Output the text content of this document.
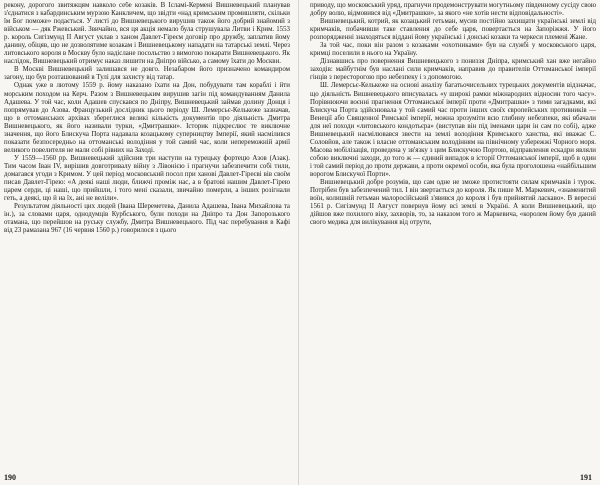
рекону, дорогого звитяжцям навколо себе козаків. В Ісламі-Кермені Вишневецький планував з'єднатися з кабардинським мурзою Канкличем, що звідти «над кримським промишляти, скільки їм Бог поможе» подається. У листі до Вишневецького вирушив також його добрий знайомий з військом — дяк Ржевський. Звичайно, вся ця акція немало була струшувала Литви і Крим. 1553 р. король Сигізмунд II Август уклав з ханом Давлет-Гіреєм договір про дружбу, заплатив йому данину, обіцяв, що не дозволятиме козакам і Вишневецькому нападати на татарські землі. Через литовського короля в Москву було надіслане посольство з вимогою покарати Вишневецького. Як наслідок, Вишневецький отримує наказ лишити на Дніпро військо, а самому їхати до Москви.

В Москві Вишневецький залишався не довго. Незабаром його призначено командиром загону, що був розташований в Тулі для захисту від татар.

Однак уже в лютому 1559 р. йому наказано їхати на Дон, побудувати там кораблі і йти морським походом на Керч. Разом з Вишневецьким вирушив загін під командуванням Данила Адашева. У той час, коли Адашев спускався по Дніпру, Вишневецький займав долину Донця і попрямував до Азова. Французький дослідник цього періоду Ш. Лемерсьє-Келькеже зазначав, що в оттоманських архівах збереглися великі кількість документів про діяльність Дмитра Вишневецького, як його називали турки, «Дмитрашки». Історик підкреслює те виключне значення, що його Блискуча Порта надавала козацькому суперництву Імперії, який насмілився показати безпосередньо на оттоманські володіння у той самий час, коли непереможній армії великого повелителя не мали собі рівних на Заході.

У 1559—1560 рр. Вишневецький здійснив три наступи на турецьку фортецю Азов (Азак). Тим часом Іван IV, вирішив довготривалу війну з Лівонією і прагнучи забезпечити собі тили, домагався угоди з Кримом. У цей період московський посол при ханові Давлет-Гіреєві вів своїм писав Давлет-Гірею: «А деякі наші люди, ближчі проміж нас, а в братові нашим Давлет-Гірею царем серди, ці наші, що прийшли, і того мені сказали, звичайно померли, а інших розігнали геть, а деякі, що й на їх, ані не веліли».

Результатом діяльності цих людей (Івана Шереметева, Данила Адашева, Івана Михайлова та ін.), за словами царя, однодумців Курбського, були походи на Дніпро та Дон Запорозького отамана, що перейшов на руську службу, Дмитра Вишневецького. Під час перебування в Кафі від 23 рамазана 967 (16 червня 1560 р.) говорилося з цього

приводу, що московський уряд, прагнучи продемонструвати могутньому південному сусіду свою добру волю, відмовився від «Дмитрашки», за якого «не хотів нести відповідальності».

Вишневецький, котрий, як козацький гетьман, мусив постійно захищати українські землі від кримчаків, побачивши таке ставлення до себе царя, повертається на Запоріжжя. У його розпорядженні знаходяться віддані йому українські і донські козаки та черкеси племені Жане.

За той час, поки він разом з козаками «охотниками» був на службі у московського царя, кримці поселили в нього на Україну.

Дізнавшись про повернення Вишневецького з пониззя Дніпра, кримський хан вже негайно заходів: майбутнім був наслані сили кримчаків, направив до правителів Оттоманської імперії гінців з пересторогою про небезпеку і з допомогою.

Ш. Лемерсьє-Келькеже на основі аналізу багатьочисельних турецьких документів відзначає, що діяльність Вишневецького вписувалась «у широкі рамки міжнародних відносин того часу». Порівнюючи воєнні прагнення Оттоманської імперії проти «Дмитрашки» з тими загадками, які Блискуча Порта здійснювала у той самий час проти інших своїх європейських противників — Венеції або Священної Римської імперії, можна зрозуміти всю глибину небезпеки, які вбачали для неї походи «литовського кондотьєра» (виступав він під іменами цари ін сам по собі), адже Вишневецький насмілювався звести на землі володіння Кримського ханства, які вважає С. Соловйов, але також і власне оттоманським володінням на північному узбережжі Чорного моря. Масова мобілізація, проведена у зв'язку з цим Блискучою Портою, відправлення ескадри являли собою виключні заходи, до того ж — єдиний випадок в історії Оттоманської імперії, щоб в один і той самий період до проти держави, а проти окремої особи, яка була проголошена «найбільшим ворогом Блискучої Порти».

Вишневецький добре розумів, що сам одне не зможе протистояти силам кримчаків і турок. Потрібен був забезпечений тил. І він звертається до короля. Як пише М. Маркевич, «знаменитий воїн, колишній гетьман малоросійський з'явився до короля і був прийнятий ласкаво». В вересні 1561 р. Сигізмунд II Август повернув йому всі землі в Україні. А коли Вишневецький, що дійшов вже похилого віку, захворів, то, за наказом того ж Маркевича, «королем йому був даний свого медика для вилікування від отрути,

190	191
